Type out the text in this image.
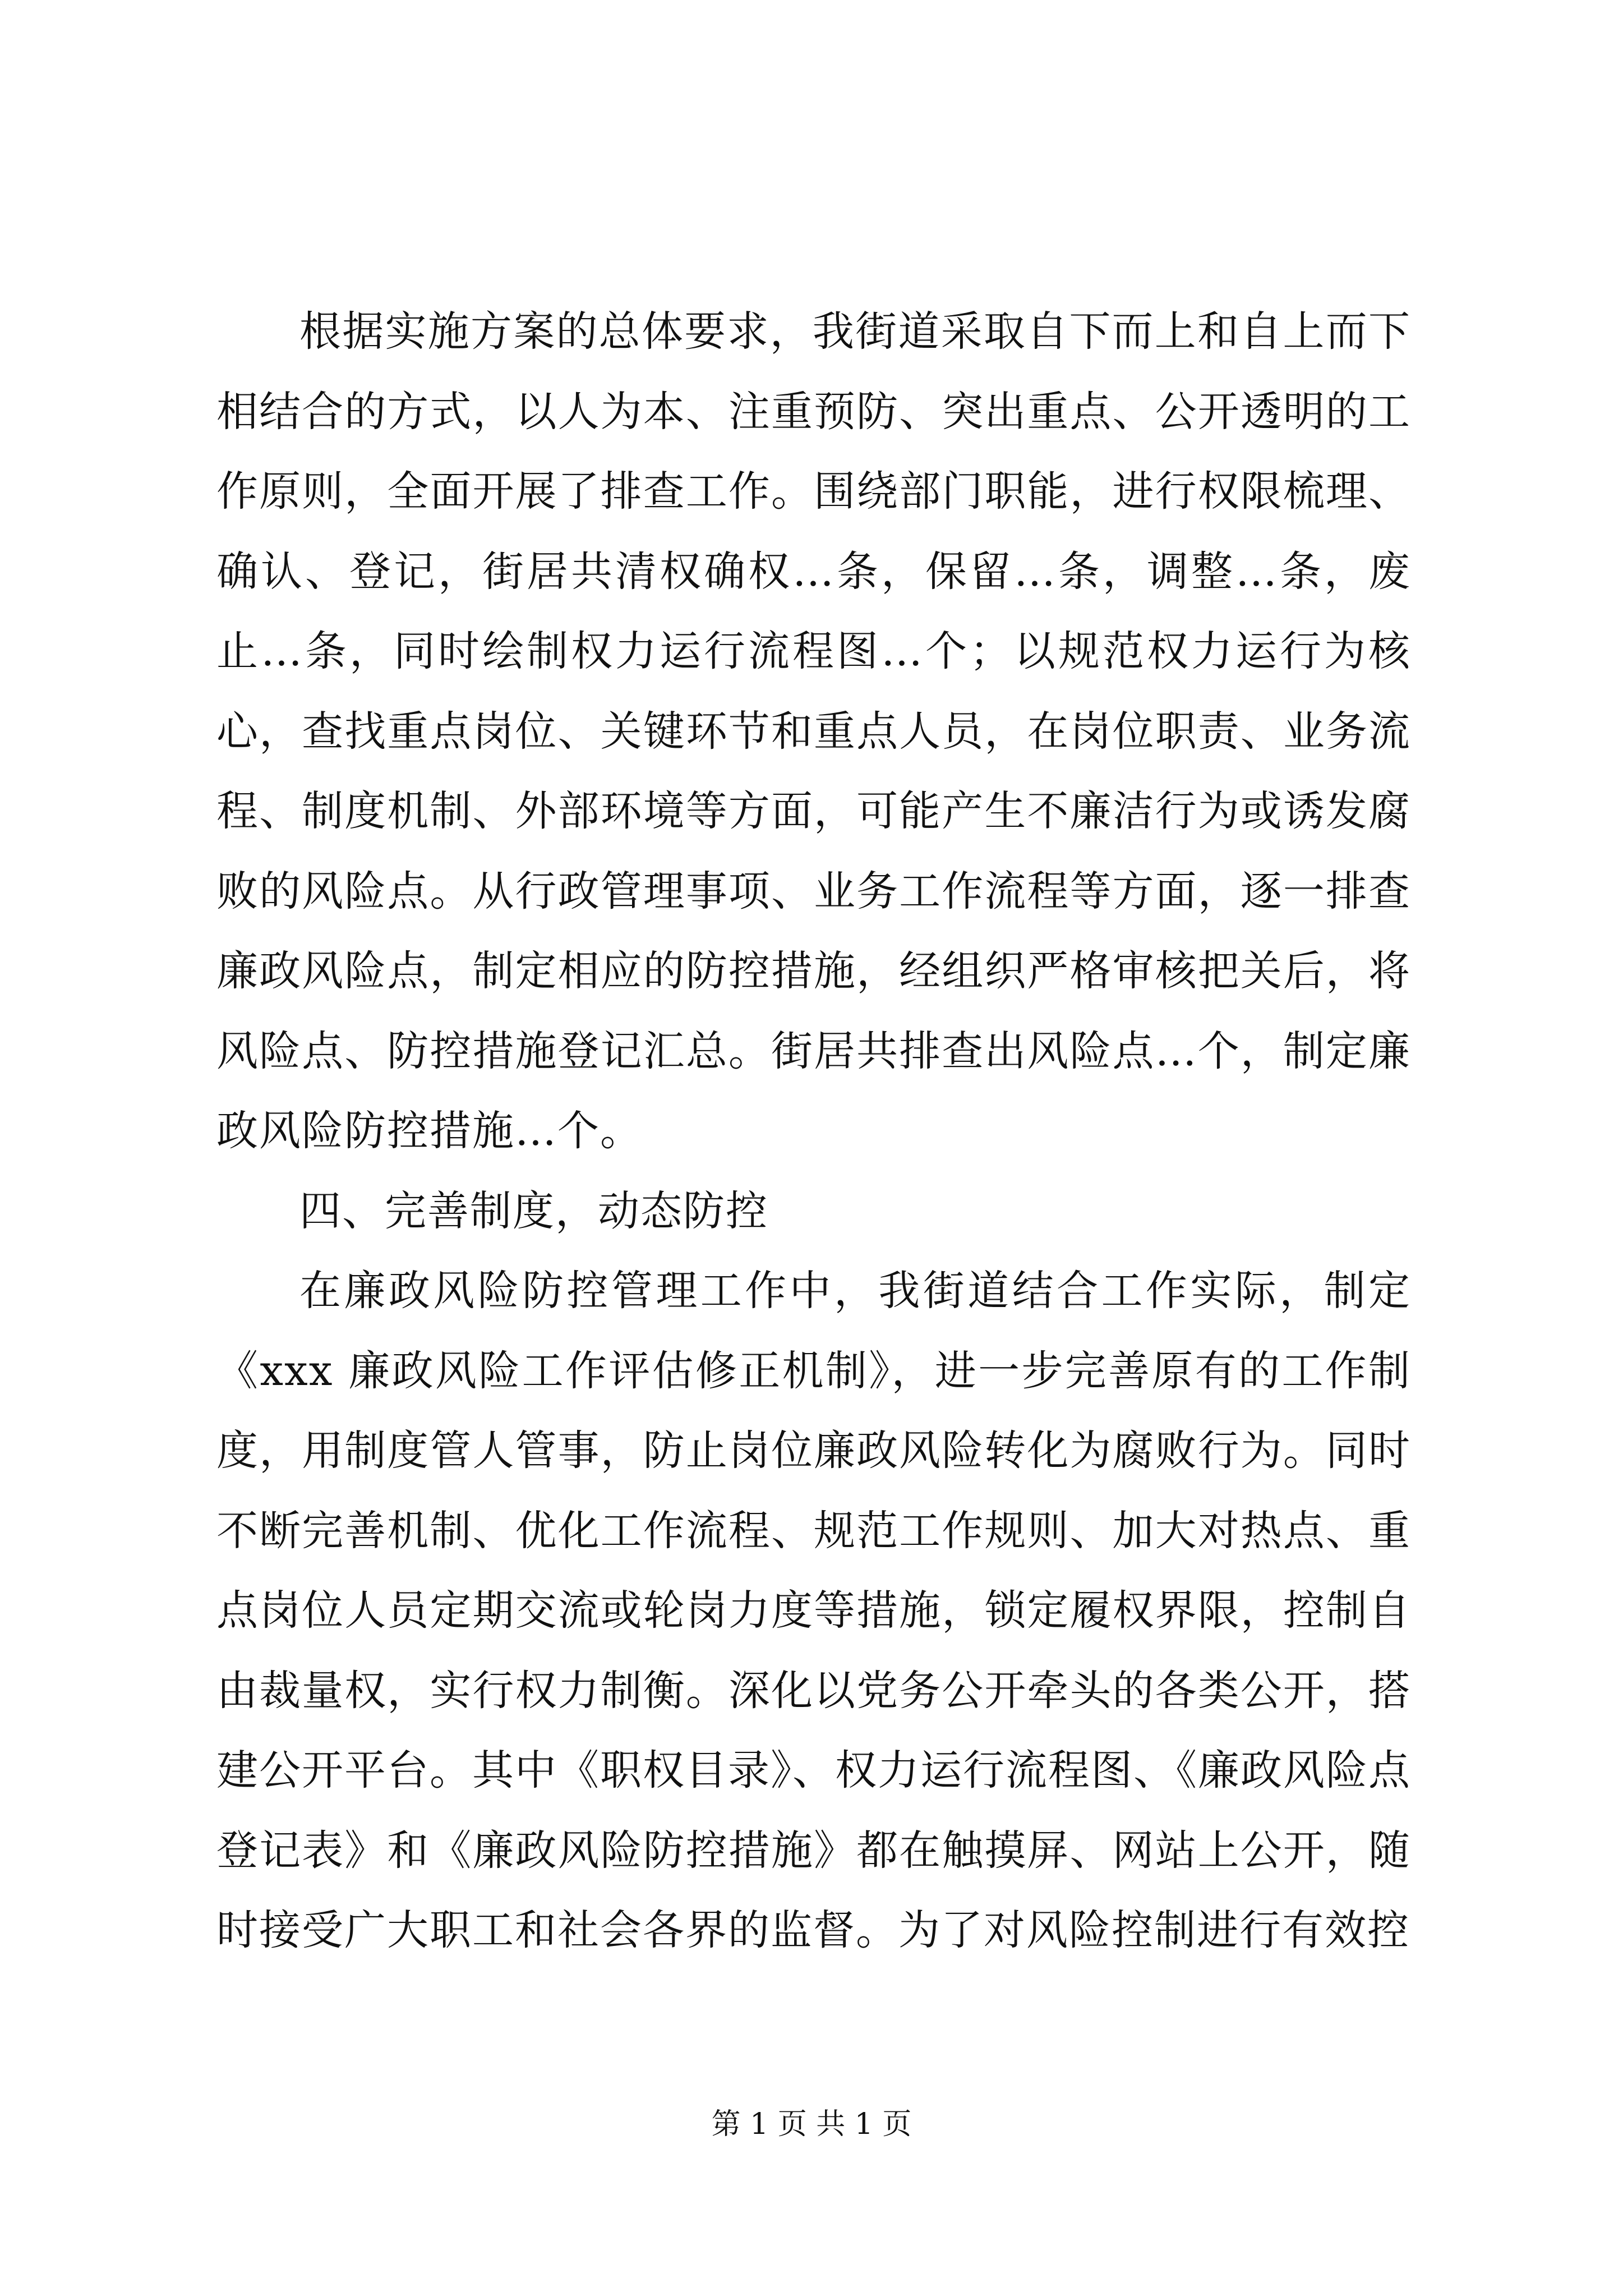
根据实施方案的总体要求，我街道采取自下而上和自上而下相结合的方式，以人为本、注重预防、突出重点、公开透明的工作原则，全面开展了排查工作。围绕部门职能，进行权限梳理、确认、登记，街居共清权确权…条，保留…条，调整…条，废止…条，同时绘制权力运行流程图…个；以规范权力运行为核心，查找重点岗位、关键环节和重点人员，在岗位职责、业务流程、制度机制、外部环境等方面，可能产生不廉洁行为或诱发腐败的风险点。从行政管理事项、业务工作流程等方面，逐一排查廉政风险点，制定相应的防控措施，经组织严格审核把关后，将风险点、防控措施登记汇总。街居共排查出风险点…个，制定廉政风险防控措施…个。

四、完善制度，动态防控

在廉政风险防控管理工作中，我街道结合工作实际，制定《xxx 廉政风险工作评估修正机制》，进一步完善原有的工作制度，用制度管人管事，防止岗位廉政风险转化为腐败行为。同时不断完善机制、优化工作流程、规范工作规则、加大对热点、重点岗位人员定期交流或轮岗力度等措施，锁定履权界限，控制自由裁量权，实行权力制衡。深化以党务公开牵头的各类公开，搭建公开平台。其中《职权目录》、权力运行流程图、《廉政风险点登记表》和《廉政风险防控措施》都在触摸屏、网站上公开，随时接受广大职工和社会各界的监督。为了对风险控制进行有效控

第 1 页 共 1 页
